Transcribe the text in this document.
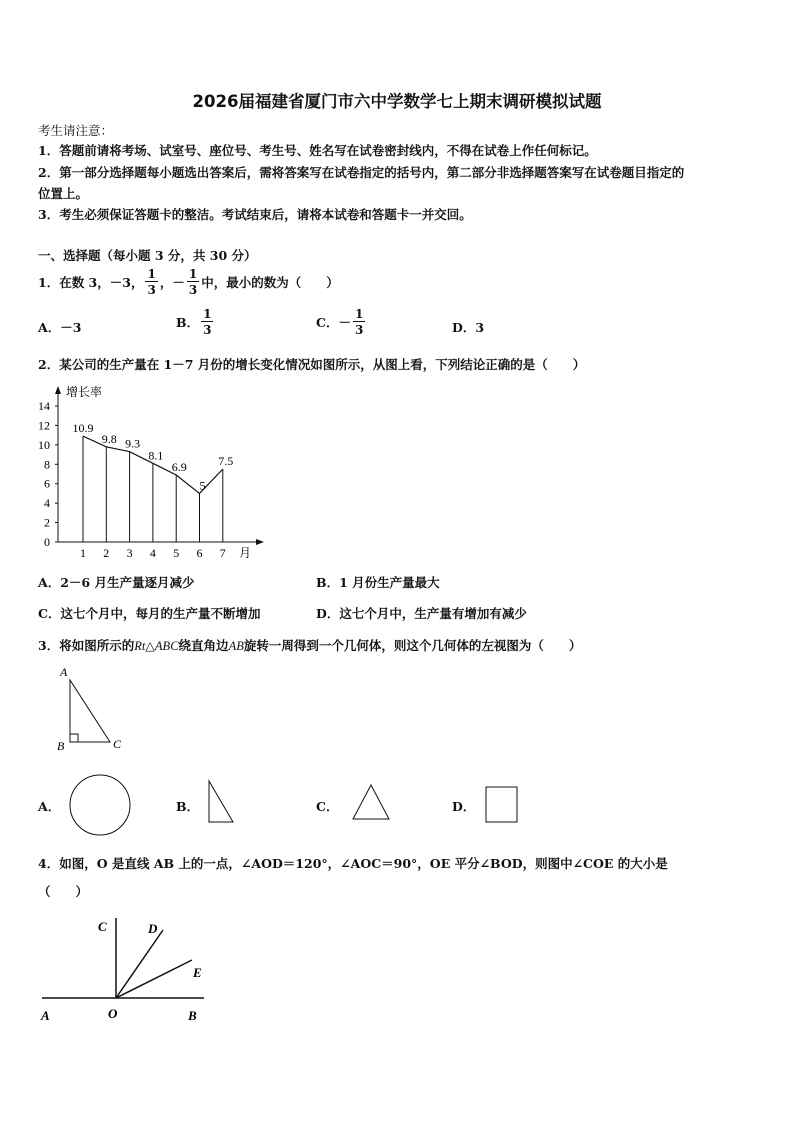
2026届福建省厦门市六中学数学七上期末调研模拟试题
考生请注意：
1．答题前请将考场、试室号、座位号、考生号、姓名写在试卷密封线内，不得在试卷上作任何标记。
2．第一部分选择题每小题选出答案后，需将答案写在试卷指定的括号内，第二部分非选择题答案写在试卷题目指定的
位置上。
3．考生必须保证答题卡的整洁。考试结束后，请将本试卷和答题卡一并交回。
一、选择题（每小题 3 分，共 30 分）
1． 在数 3，－3， $\frac{1}{3}$ ， － $\frac{1}{3}$ 中，最小的数为（　　）
A．－3	B． $\frac{1}{3}$	C．－ $\frac{1}{3}$	D．3
2．某公司的生产量在 1－7 月份的增长变化情况如图所示，从图上看，下列结论正确的是（　　）
增长率
月
0
2
4
6
8
10
12
14
1 2 3 4 5 6 7
10.9
9.8 9.3
8.1
6.9
5
7.5
A．2－6 月生产量逐月减少	B．1 月份生产量最大
C．这七个月中，每月的生产量不断增加	D．这七个月中，生产量有增加有减少
3．将如图所示的Rt△ABC绕直角边AB旋转一周得到一个几何体，则这个几何体的左视图为（　　）
A
B	C
A．	B．	C．	D．
4．如图，O 是直线 AB 上的一点，∠AOD＝120°，∠AOC＝90°，OE 平分∠BOD，则图中∠COE 的大小是
（　　）
C	D
E
A	O	B
